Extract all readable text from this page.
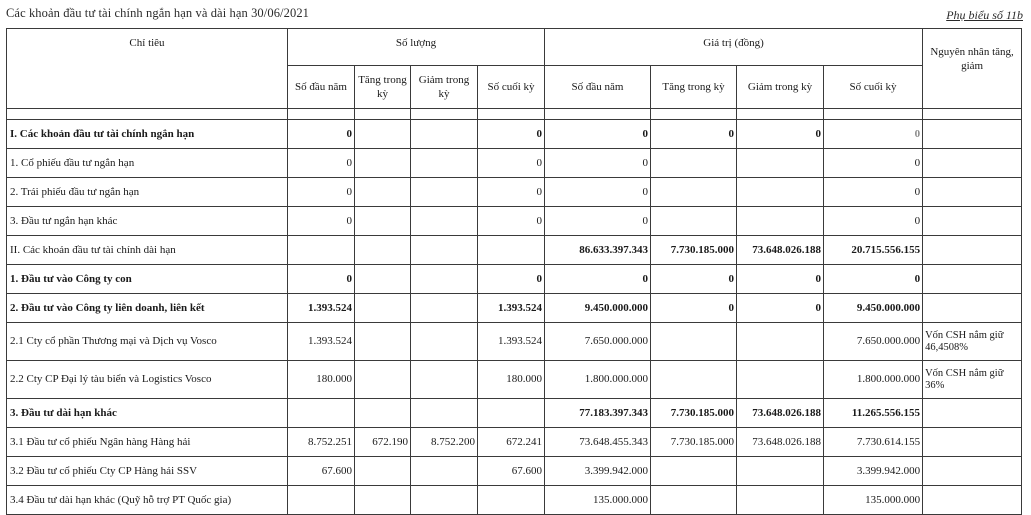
Các khoản đầu tư tài chính ngắn hạn và dài hạn 30/06/2021	Phụ biểu số 11b
Chỉ tiêu	Số lượng				Giá trị (đồng)				Nguyên nhân tăng, giảm
	Số đầu năm	Tăng trong kỳ	Giảm trong kỳ	Số cuối kỳ	Số đầu năm	Tăng trong kỳ	Giảm trong kỳ	Số cuối kỳ	

I. Các khoản đầu tư tài chính ngắn hạn	0			0	0	0	0	0	
1. Cổ phiếu đầu tư ngắn hạn	0			0	0			0	
2. Trái phiếu đầu tư ngắn hạn	0			0	0			0	
3. Đầu tư ngắn hạn khác	0			0	0			0	
II. Các khoản đầu tư tài chính dài hạn					86.633.397.343	7.730.185.000	73.648.026.188	20.715.556.155	
1. Đầu tư vào Công ty con	0			0	0	0	0	0	
2. Đầu tư vào Công ty liên doanh, liên kết	1.393.524			1.393.524	9.450.000.000	0	0	9.450.000.000	
2.1 Cty cổ phần Thương mại và Dịch vụ Vosco	1.393.524			1.393.524	7.650.000.000			7.650.000.000	Vốn CSH nắm giữ 46,4508%
2.2 Cty CP Đại lý tàu biển và Logistics Vosco	180.000			180.000	1.800.000.000			1.800.000.000	Vốn CSH nắm giữ 36%
3. Đầu tư dài hạn khác					77.183.397.343	7.730.185.000	73.648.026.188	11.265.556.155	
3.1 Đầu tư cổ phiếu Ngân hàng Hàng hải	8.752.251	672.190	8.752.200	672.241	73.648.455.343	7.730.185.000	73.648.026.188	7.730.614.155	
3.2 Đầu tư cổ phiếu Cty CP Hàng hải SSV	67.600			67.600	3.399.942.000			3.399.942.000	
3.4 Đầu tư dài hạn khác (Quỹ hỗ trợ PT Quốc gia)					135.000.000			135.000.000	
